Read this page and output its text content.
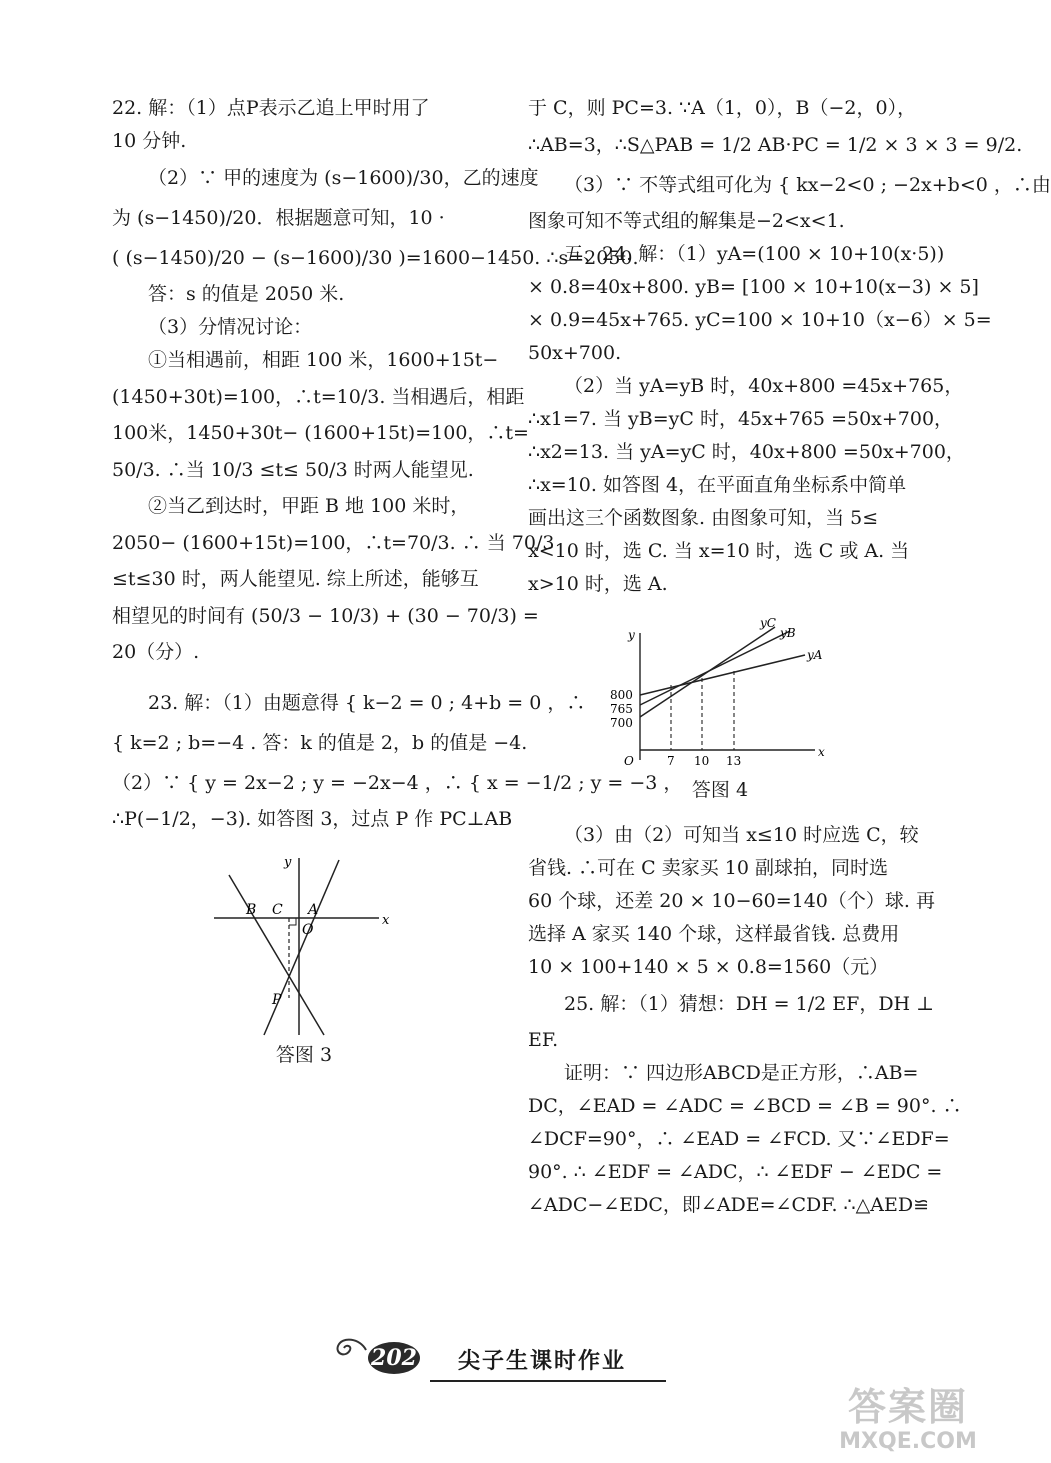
22. 解：（1）点P表示乙追上甲时用了
10 分钟.
（2）∵ 甲的速度为 (s−1600)/30，乙的速度
为 (s−1450)/20．根据题意可知，10 ·
( (s−1450)/20 − (s−1600)/30 )=1600−1450. ∴s=2050.
答：s 的值是 2050 米.
（3）分情况讨论：
①当相遇前，相距 100 米，1600+15t−
(1450+30t)=100，∴t=10/3. 当相遇后，相距
100米，1450+30t− (1600+15t)=100，∴t=
50/3. ∴当 10/3 ≤t≤ 50/3 时两人能望见.
②当乙到达时，甲距 B 地 100 米时，
2050− (1600+15t)=100，∴t=70/3. ∴ 当 70/3
≤t≤30 时，两人能望见. 综上所述，能够互
相望见的时间有 (50/3 − 10/3) + (30 − 70/3) =
20（分）.
23. 解：（1）由题意得 { k−2 = 0 ; 4+b = 0 ，∴
{ k=2 ; b=−4 . 答：k 的值是 2，b 的值是 −4.
（2）∵ { y = 2x−2 ; y = −2x−4 ，∴ { x = −1/2 ; y = −3 ，
∴P(−1/2，−3). 如答图 3，过点 P 作 PC⊥AB
x
y
B C A
O
P
答图 3
于 C，则 PC=3. ∵A（1，0），B（−2，0），
∴AB=3，∴S△PAB = 1/2 AB·PC = 1/2 × 3 × 3 = 9/2.
（3）∵ 不等式组可化为 { kx−2<0 ; −2x+b<0 ，∴由
图象可知不等式组的解集是−2<x<1.
五、24. 解：（1）yA=(100 × 10+10(x·5))
× 0.8=40x+800. yB= [100 × 10+10(x−3) × 5]
× 0.9=45x+765. yC=100 × 10+10（x−6）× 5=
50x+700.
（2）当 yA=yB 时，40x+800 =45x+765，
∴x1=7. 当 yB=yC 时，45x+765 =50x+700，
∴x2=13. 当 yA=yC 时，40x+800 =50x+700，
∴x=10. 如答图 4，在平面直角坐标系中简单
画出这三个函数图象. 由图象可知，当 5≤
x<10 时，选 C. 当 x=10 时，选 C 或 A. 当
x>10 时，选 A.
yC
yB
yA
800
765
700
7 10 13
x
y
O
答图 4
（3）由（2）可知当 x≤10 时应选 C，较
省钱. ∴可在 C 卖家买 10 副球拍，同时选
60 个球，还差 20 × 10−60=140（个）球. 再
选择 A 家买 140 个球，这样最省钱. 总费用
10 × 100+140 × 5 × 0.8=1560（元）
25. 解：（1）猜想：DH = 1/2 EF，DH ⊥
EF.
证明：∵ 四边形ABCD是正方形，∴AB=
DC，∠EAD = ∠ADC = ∠BCD = ∠B = 90°. ∴
∠DCF=90°，∴ ∠EAD = ∠FCD. 又∵∠EDF=
90°. ∴ ∠EDF = ∠ADC，∴ ∠EDF − ∠EDC =
∠ADC−∠EDC，即∠ADE=∠CDF. ∴△AED≌
202 尖子生课时作业
答案圈
MXQE.COM
